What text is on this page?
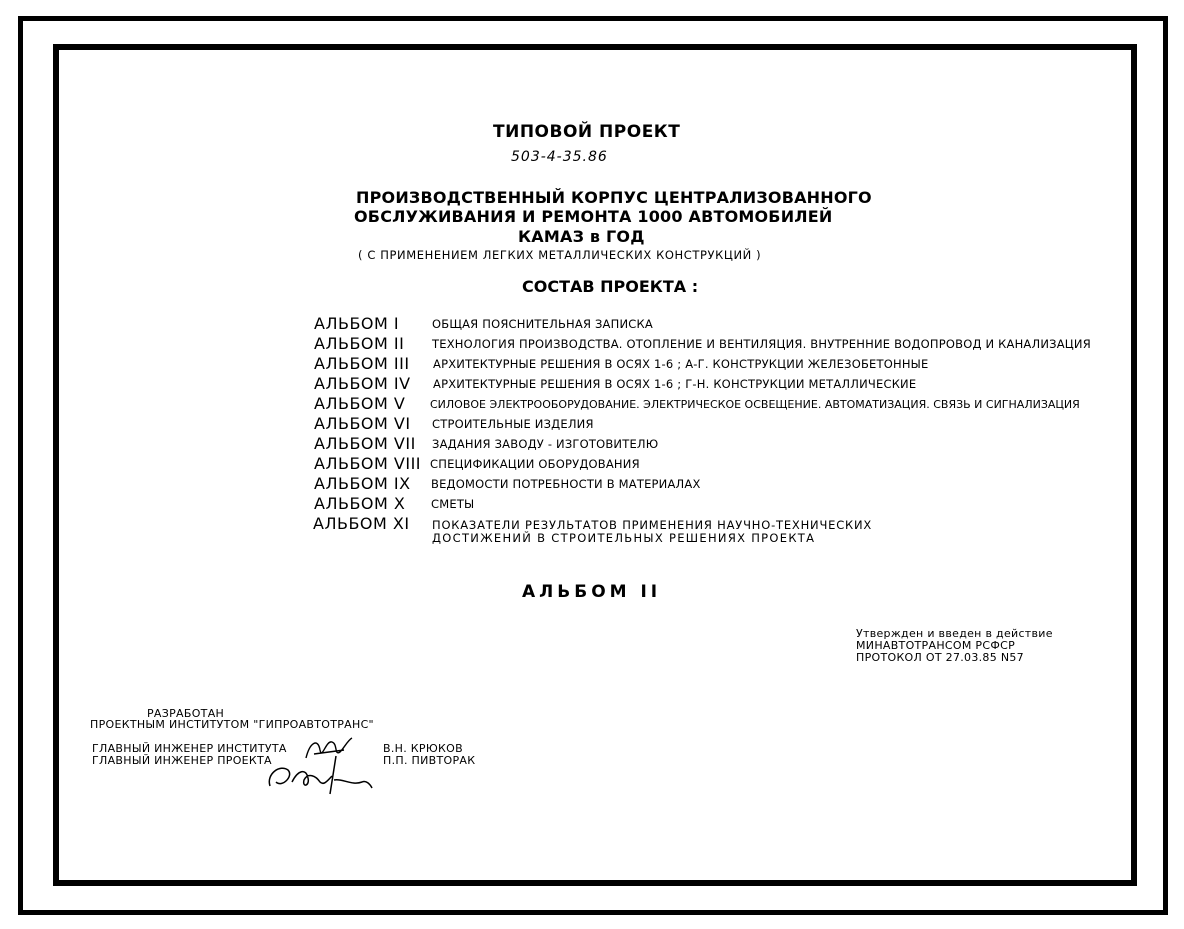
ТИПОВОЙ ПРОЕКТ
503-4-35.86
ПРОИЗВОДСТВЕННЫЙ КОРПУС ЦЕНТРАЛИЗОВАННОГО
ОБСЛУЖИВАНИЯ И РЕМОНТА 1000 АВТОМОБИЛЕЙ
КАМАЗ в ГОД
( С ПРИМЕНЕНИЕМ ЛЕГКИХ МЕТАЛЛИЧЕСКИХ КОНСТРУКЦИЙ )
СОСТАВ ПРОЕКТА :
АЛЬБОМ I	ОБЩАЯ ПОЯСНИТЕЛЬНАЯ ЗАПИСКА
АЛЬБОМ II ТЕХНОЛОГИЯ ПРОИЗВОДСТВА. ОТОПЛЕНИЕ И ВЕНТИЛЯЦИЯ. ВНУТРЕННИЕ ВОДОПРОВОД И КАНАЛИЗАЦИЯ
АЛЬБОМ III АРХИТЕКТУРНЫЕ РЕШЕНИЯ В ОСЯХ 1-6 ; А-Г. КОНСТРУКЦИИ ЖЕЛЕЗОБЕТОННЫЕ
АЛЬБОМ IV АРХИТЕКТУРНЫЕ РЕШЕНИЯ В ОСЯХ 1-6 ; Г-Н. КОНСТРУКЦИИ МЕТАЛЛИЧЕСКИЕ
АЛЬБОМ V СИЛОВОЕ ЭЛЕКТРООБОРУДОВАНИЕ. ЭЛЕКТРИЧЕСКОЕ ОСВЕЩЕНИЕ. АВТОМАТИЗАЦИЯ. СВЯЗЬ И СИГНАЛИЗАЦИЯ
АЛЬБОМ VI СТРОИТЕЛЬНЫЕ ИЗДЕЛИЯ
АЛЬБОМ VII ЗАДАНИЯ ЗАВОДУ - ИЗГОТОВИТЕЛЮ
АЛЬБОМ VIII СПЕЦИФИКАЦИИ ОБОРУДОВАНИЯ
АЛЬБОМ IX ВЕДОМОСТИ ПОТРЕБНОСТИ В МАТЕРИАЛАХ
АЛЬБОМ X СМЕТЫ
АЛЬБОМ XI ПОКАЗАТЕЛИ РЕЗУЛЬТАТОВ ПРИМЕНЕНИЯ НАУЧНО-ТЕХНИЧЕСКИХ
ДОСТИЖЕНИЙ В СТРОИТЕЛЬНЫХ РЕШЕНИЯХ ПРОЕКТА
АЛЬБОМ II
Утвержден и введен в действие
МИНАВТОТРАНСОМ РСФСР
ПРОТОКОЛ ОТ 27.03.85 N57
РАЗРАБОТАН
ПРОЕКТНЫМ ИНСТИТУТОМ "ГИПРОАВТОТРАНС"
ГЛАВНЫЙ ИНЖЕНЕР ИНСТИТУТА
ГЛАВНЫЙ ИНЖЕНЕР ПРОЕКТА
В.Н. КРЮКОВ
П.П. ПИВТОРАК
